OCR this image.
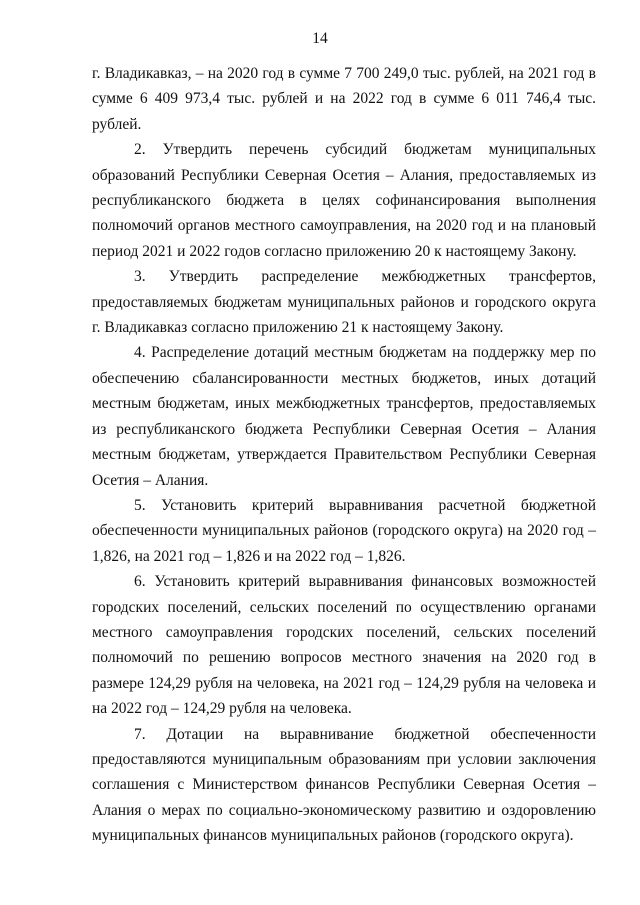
14

г. Владикавказ, – на 2020 год в сумме 7 700 249,0 тыс. рублей, на 2021 год в сумме 6 409 973,4 тыс. рублей и на 2022 год в сумме 6 011 746,4 тыс. рублей.

2. Утвердить перечень субсидий бюджетам муниципальных образований Республики Северная Осетия – Алания, предоставляемых из республиканского бюджета в целях софинансирования выполнения полномочий органов местного самоуправления, на 2020 год и на плановый период 2021 и 2022 годов согласно приложению 20 к настоящему Закону.

3. Утвердить распределение межбюджетных трансфертов, предоставляемых бюджетам муниципальных районов и городского округа г. Владикавказ согласно приложению 21 к настоящему Закону.

4. Распределение дотаций местным бюджетам на поддержку мер по обеспечению сбалансированности местных бюджетов, иных дотаций местным бюджетам, иных межбюджетных трансфертов, предоставляемых из республиканского бюджета Республики Северная Осетия – Алания местным бюджетам, утверждается Правительством Республики Северная Осетия – Алания.

5. Установить критерий выравнивания расчетной бюджетной обеспеченности муниципальных районов (городского округа) на 2020 год – 1,826, на 2021 год – 1,826 и на 2022 год – 1,826.

6. Установить критерий выравнивания финансовых возможностей городских поселений, сельских поселений по осуществлению органами местного самоуправления городских поселений, сельских поселений полномочий по решению вопросов местного значения на 2020 год в размере 124,29 рубля на человека, на 2021 год – 124,29 рубля на человека и на 2022 год – 124,29 рубля на человека.

7. Дотации на выравнивание бюджетной обеспеченности предоставляются муниципальным образованиям при условии заключения соглашения с Министерством финансов Республики Северная Осетия – Алания о мерах по социально-экономическому развитию и оздоровлению муниципальных финансов муниципальных районов (городского округа).
